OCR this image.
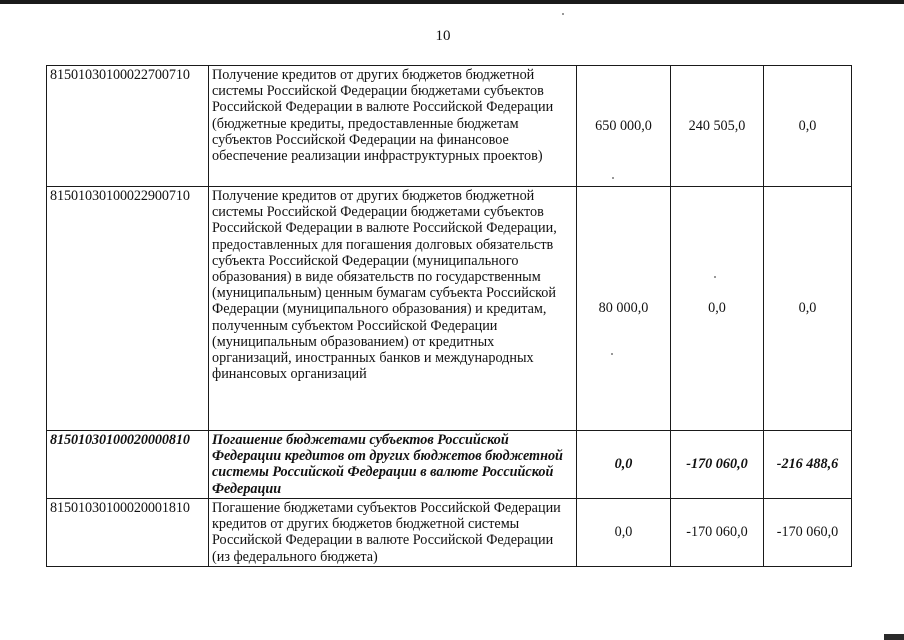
10
81501030100022700710	Получение кредитов от других бюджетов бюджетной системы Российской Федерации бюджетами субъектов Российской Федерации в валюте Российской Федерации (бюджетные кредиты, предоставленные бюджетам субъектов Российской Федерации на финансовое обеспечение реализации инфраструктурных проектов)	650 000,0	240 505,0	0,0
81501030100022900710	Получение кредитов от других бюджетов бюджетной системы Российской Федерации бюджетами субъектов Российской Федерации в валюте Российской Федерации, предоставленных для погашения долговых обязательств субъекта Российской Федерации (муниципального образования) в виде обязательств по государственным (муниципальным) ценным бумагам субъекта Российской Федерации (муниципального образования) и кредитам, полученным субъектом Российской Федерации (муниципальным образованием) от кредитных организаций, иностранных банков и международных финансовых организаций	80 000,0	0,0	0,0
81501030100020000810	Погашение бюджетами субъектов Российской Федерации кредитов от других бюджетов бюджетной системы Российской Федерации в валюте Российской Федерации	0,0	-170 060,0	-216 488,6
81501030100020001810	Погашение бюджетами субъектов Российской Федерации кредитов от других бюджетов бюджетной системы Российской Федерации в валюте Российской Федерации (из федерального бюджета)	0,0	-170 060,0	-170 060,0
